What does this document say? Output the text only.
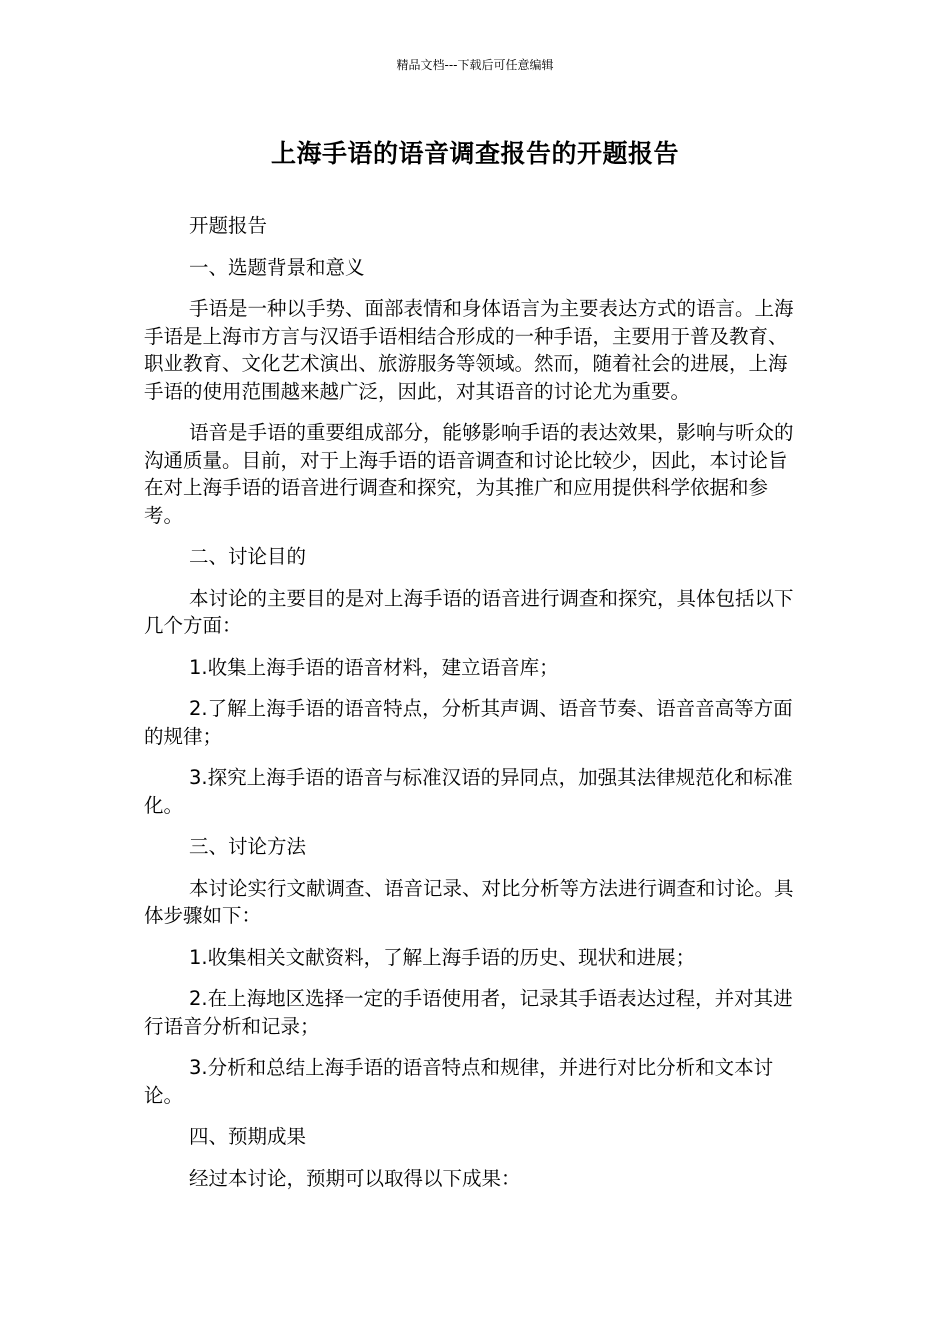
精品文档---下载后可任意编辑
上海手语的语音调查报告的开题报告

开题报告

一、选题背景和意义

手语是一种以手势、面部表情和身体语言为主要表达方式的语言。上海手语是上海市方言与汉语手语相结合形成的一种手语，主要用于普及教育、职业教育、文化艺术演出、旅游服务等领域。然而，随着社会的进展，上海手语的使用范围越来越广泛，因此，对其语音的讨论尤为重要。

语音是手语的重要组成部分，能够影响手语的表达效果，影响与听众的沟通质量。目前，对于上海手语的语音调查和讨论比较少，因此，本讨论旨在对上海手语的语音进行调查和探究，为其推广和应用提供科学依据和参考。

二、讨论目的

本讨论的主要目的是对上海手语的语音进行调查和探究，具体包括以下几个方面：

1.收集上海手语的语音材料，建立语音库；

2.了解上海手语的语音特点，分析其声调、语音节奏、语音音高等方面的规律；

3.探究上海手语的语音与标准汉语的异同点，加强其法律规范化和标准化。

三、讨论方法

本讨论实行文献调查、语音记录、对比分析等方法进行调查和讨论。具体步骤如下：

1.收集相关文献资料，了解上海手语的历史、现状和进展；

2.在上海地区选择一定的手语使用者，记录其手语表达过程，并对其进行语音分析和记录；

3.分析和总结上海手语的语音特点和规律，并进行对比分析和文本讨论。

四、预期成果

经过本讨论，预期可以取得以下成果：
